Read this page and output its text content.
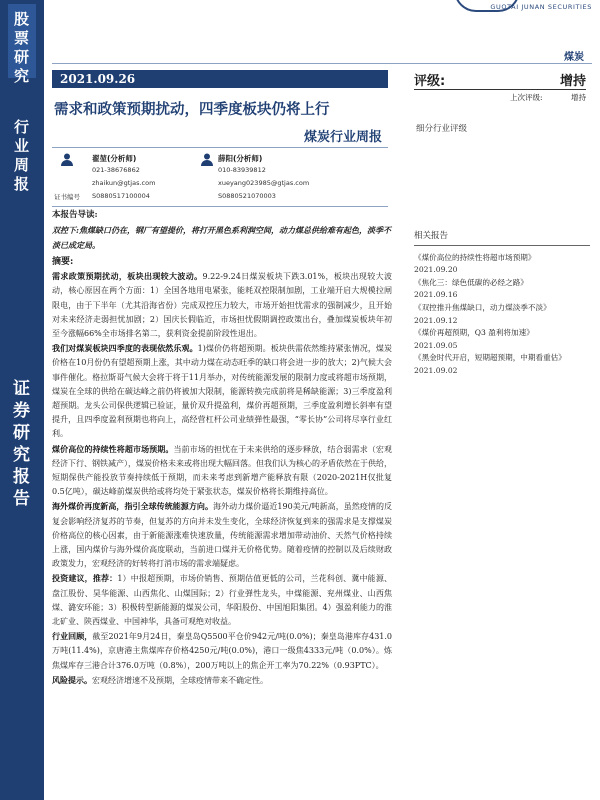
股票研究
行业周报
证券研究报告
GUOTAI JUNAN SECURITIES
煤炭
2021.09.26
需求和政策预期扰动，四季度板块仍将上行
煤炭行业周报
评级:	增持
上次评级:	增持
细分行业评级
翟堃(分析师)
021-38676862
zhaikun@gtjas.com
证书编号 S0880517100004
薛阳(分析师)
010-83939812
xueyang023985@gtjas.com
S0880521070003
本报告导读:
双控下:焦煤缺口仍在，钢厂有望提价，将打开黑色系利润空间，动力煤总供给难有起色，淡季不淡已成定局。
摘要:

需求政策预期扰动，板块出现较大波动。9.22-9.24日煤炭板块下跌3.01%，板块出现较大波动，核心原因在两个方面：1）全国各地用电紧张，能耗双控限制加剧，工业端开启大规模拉闸限电，由于下半年（尤其沿海省份）完成双控压力较大，市场开始担忧需求的强制减少，且开始对未来经济走弱担忧加剧；2）国庆长假临近，市场担忧假期调控政策出台，叠加煤炭板块年初至今涨幅66%全市场排名第二，获利资金提前阶段性退出。

我们对煤炭板块四季度的表现依然乐观。1)煤价仍将超预期。板块供需依然维持紧张情况，煤炭价格在10月份仍有望超预期上涨，其中动力煤在动态旺季的缺口将会进一步的放大；2)气候大会事件催化。格拉斯哥气候大会将于将于11月举办，对传统能源发展的限制力度或将超市场预期，煤炭在全球的供给在碳达峰之前仍将被加大限制，能源转换完成前将是稀缺能源；3)三季度盈利超预期。龙头公司保供逻辑已验证，量价双升提盈利，煤价再超预期，三季度盈利增长斜率有望提升，且四季度盈利预期也将向上，高经营杠杆公司业绩弹性最强，“零长协”公司将尽享行业红利。

煤价高位的持续性将超市场预期。当前市场的担忧在于未来供给的逐步释放，结合弱需求（宏观经济下行、钢铁减产），煤炭价格未来或将出现大幅回落。但我们认为核心的矛盾依然在于供给，短期保供产能投放节奏持续低于预期，而未来考虑到新增产能释放有限（2020-2021H仅批复0.5亿吨），碳达峰前煤炭供给或将均处于紧张状态，煤炭价格将长期维持高位。

海外煤价再度新高，指引全球传统能源方向。海外动力煤价逼近190美元/吨新高，虽然疫情的反复会影响经济复苏的节奏，但复苏的方向并未发生变化，全球经济恢复到来的强需求是支撑煤炭价格高位的核心因素，由于新能源涨难快速放量，传统能源需求增加带动油价、天然气价格持续上涨，国内煤价与海外煤价高度联动，当前进口煤并无价格优势。随着疫情的控制以及后续财政政策发力，宏观经济的好转将打消市场的需求端疑虑。

投资建议，推荐：1）中报超预期，市场价销售、预期估值更低的公司，兰花科创、冀中能源、盘江股份、昊华能源、山西焦化、山煤国际；2）行业弹性龙头，中煤能源、兖州煤业、山西焦煤、潞安环能；3）积极转型新能源的煤炭公司，华阳股份、中国旭阳集团。4）强盈利能力的淮北矿业、陕西煤业、中国神华，具备可观绝对收益。

行业回顾，截至2021年9月24日，秦皇岛Q5500平仓价942元/吨(0.0%)；秦皇岛港库存431.0万吨(11.4%)，京唐港主焦煤库存价格4250元/吨(0.0%)，港口一级焦4333元/吨（0.0%）。炼焦煤库存三港合计376.0万吨（0.8%），200万吨以上的焦企开工率为70.22%（0.93PTC）。

风险提示。宏观经济增速不及预期，全球疫情带来不确定性。

相关报告
《煤价高位的持续性将超市场预期》
2021.09.20
《焦化三：绿色低碳的必经之路》
2021.09.16
《双控推升焦煤缺口，动力煤淡季不淡》
2021.09.12
《煤价再超预期，Q3 盈利将加速》
2021.09.05
《黑金时代开启，短期超预期，中期看重估》
2021.09.02
